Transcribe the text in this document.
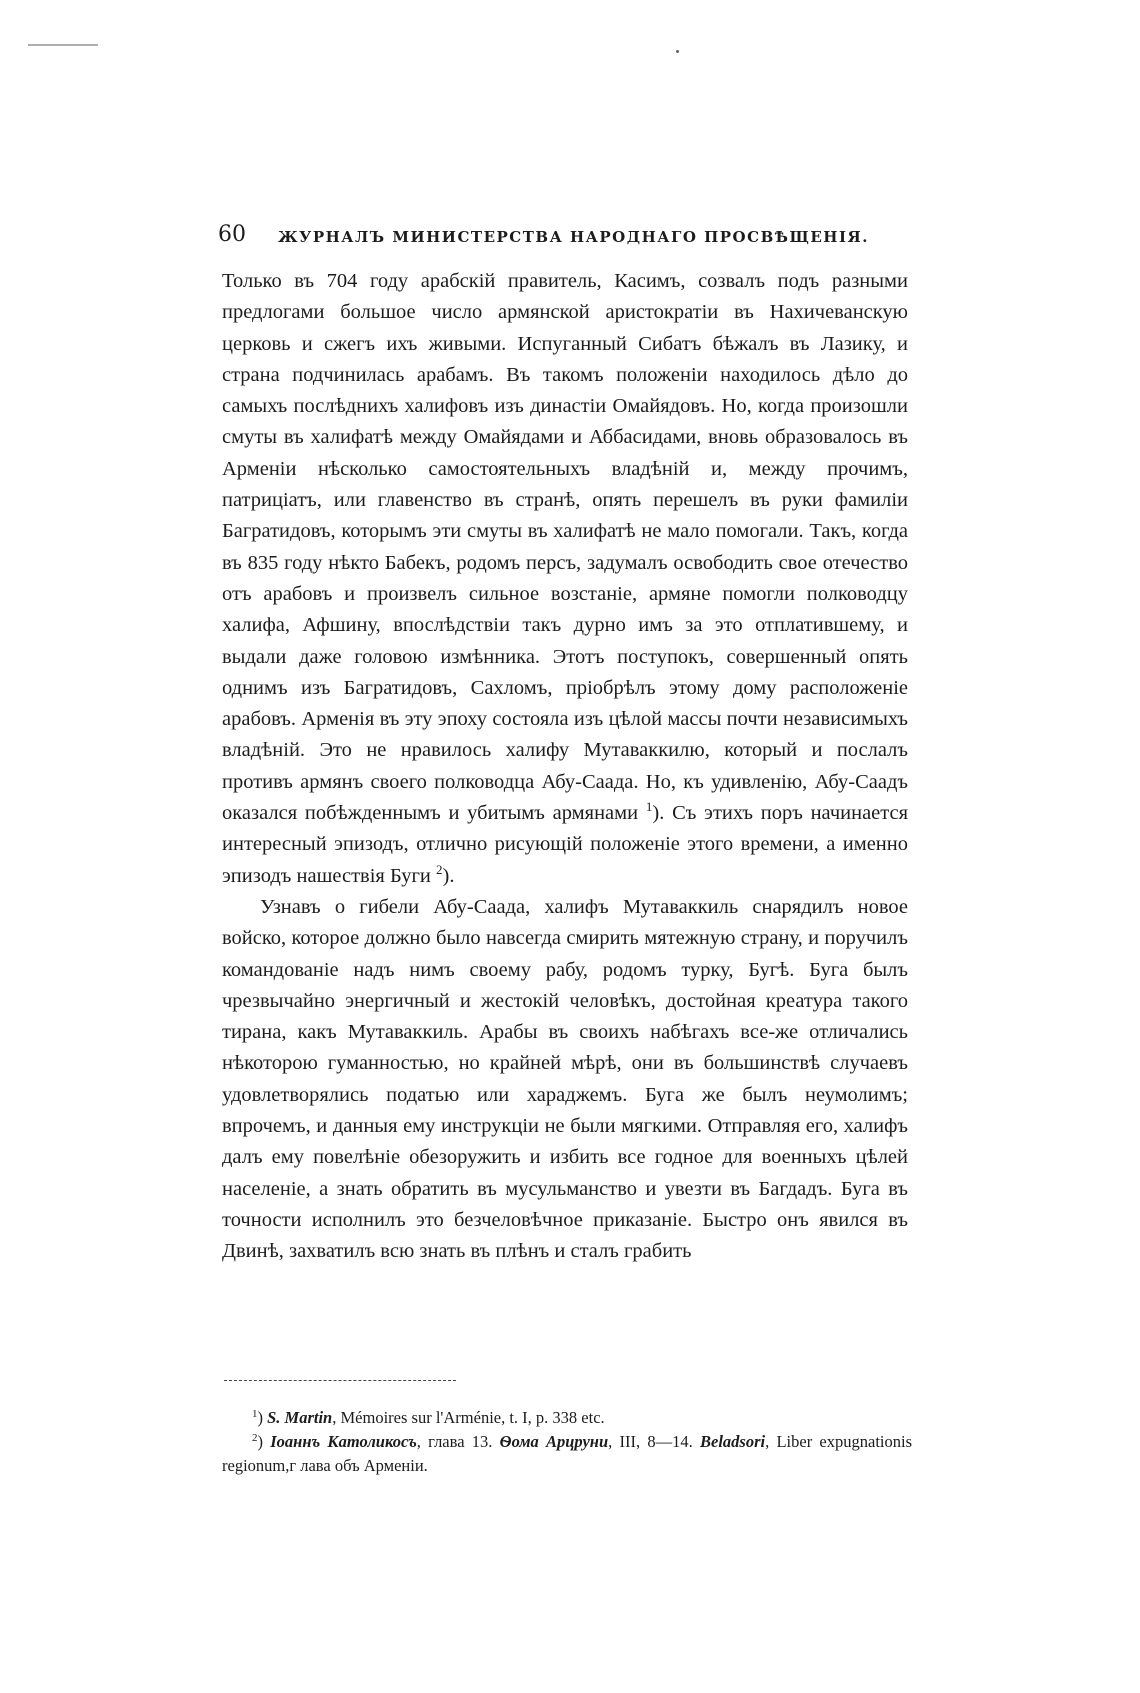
60 ЖУРНАЛЪ МИНИСТЕРСТВА НАРОДНАГО ПРОСВѢЩЕНІЯ.

Только въ 704 году арабскій правитель, Касимъ, созвалъ подъ разными предлогами большое число армянской аристократіи въ Нахичеванскую церковь и сжегъ ихъ живыми. Испуганный Сибатъ бѣжалъ въ Лазику, и страна подчинилась арабамъ. Въ такомъ положеніи находилось дѣло до самыхъ послѣднихъ халифовъ изъ династіи Омайядовъ. Но, когда произошли смуты въ халифатѣ между Омайядами и Аббасидами, вновь образовалось въ Арменіи нѣсколько самостоятельныхъ владѣній и, между прочимъ, патриціатъ, или главенство въ странѣ, опять перешелъ въ руки фамиліи Багратидовъ, которымъ эти смуты въ халифатѣ не мало помогали. Такъ, когда въ 835 году нѣкто Бабекъ, родомъ персъ, задумалъ освободить свое отечество отъ арабовъ и произвелъ сильное возстаніе, армяне помогли полководцу халифа, Афшину, впослѣдствіи такъ дурно имъ за это отплатившему, и выдали даже головою измѣнника. Этотъ поступокъ, совершенный опять однимъ изъ Багратидовъ, Сахломъ, пріобрѣлъ этому дому расположеніе арабовъ. Арменія въ эту эпоху состояла изъ цѣлой массы почти независимыхъ владѣній. Это не нравилось халифу Мутаваккилю, который и послалъ противъ армянъ своего полководца Абу-Саада. Но, къ удивленію, Абу-Саадъ оказался побѣжденнымъ и убитымъ армянами $^1$). Съ этихъ поръ начинается интересный эпизодъ, отлично рисующій положеніе этого времени, а именно эпизодъ нашествія Буги $^2$).

Узнавъ о гибели Абу-Саада, халифъ Мутаваккиль снарядилъ новое войско, которое должно было навсегда смирить мятежную страну, и поручилъ командованіе надъ нимъ своему рабу, родомъ турку, Бугѣ. Буга былъ чрезвычайно энергичный и жестокій человѣкъ, достойная креатура такого тирана, какъ Мутаваккиль. Арабы въ своихъ набѣгахъ все-же отличались нѣкоторою гуманностью, но крайней мѣрѣ, они въ большинствѣ случаевъ удовлетворялись податью или хараджемъ. Буга же былъ неумолимъ; впрочемъ, и данныя ему инструкціи не были мягкими. Отправляя его, халифъ далъ ему повелѣніе обезоружить и избить все годное для военныхъ цѣлей населеніе, а знать обратить въ мусульманство и увезти въ Багдадъ. Буга въ точности исполнилъ это безчеловѣчное приказаніе. Быстро онъ явился въ Двинѣ, захватилъ всю знать въ плѣнъ и сталъ грабить

$^1$) S. Martin, Mémoires sur l'Arménie, t. I, p. 338 etc.

$^2$) Іоаннъ Католикосъ, глава 13. Ѳома Арцруни, III, 8—14. Beladsori, Liber expugnationis regionum,г лава объ Арменіи.
